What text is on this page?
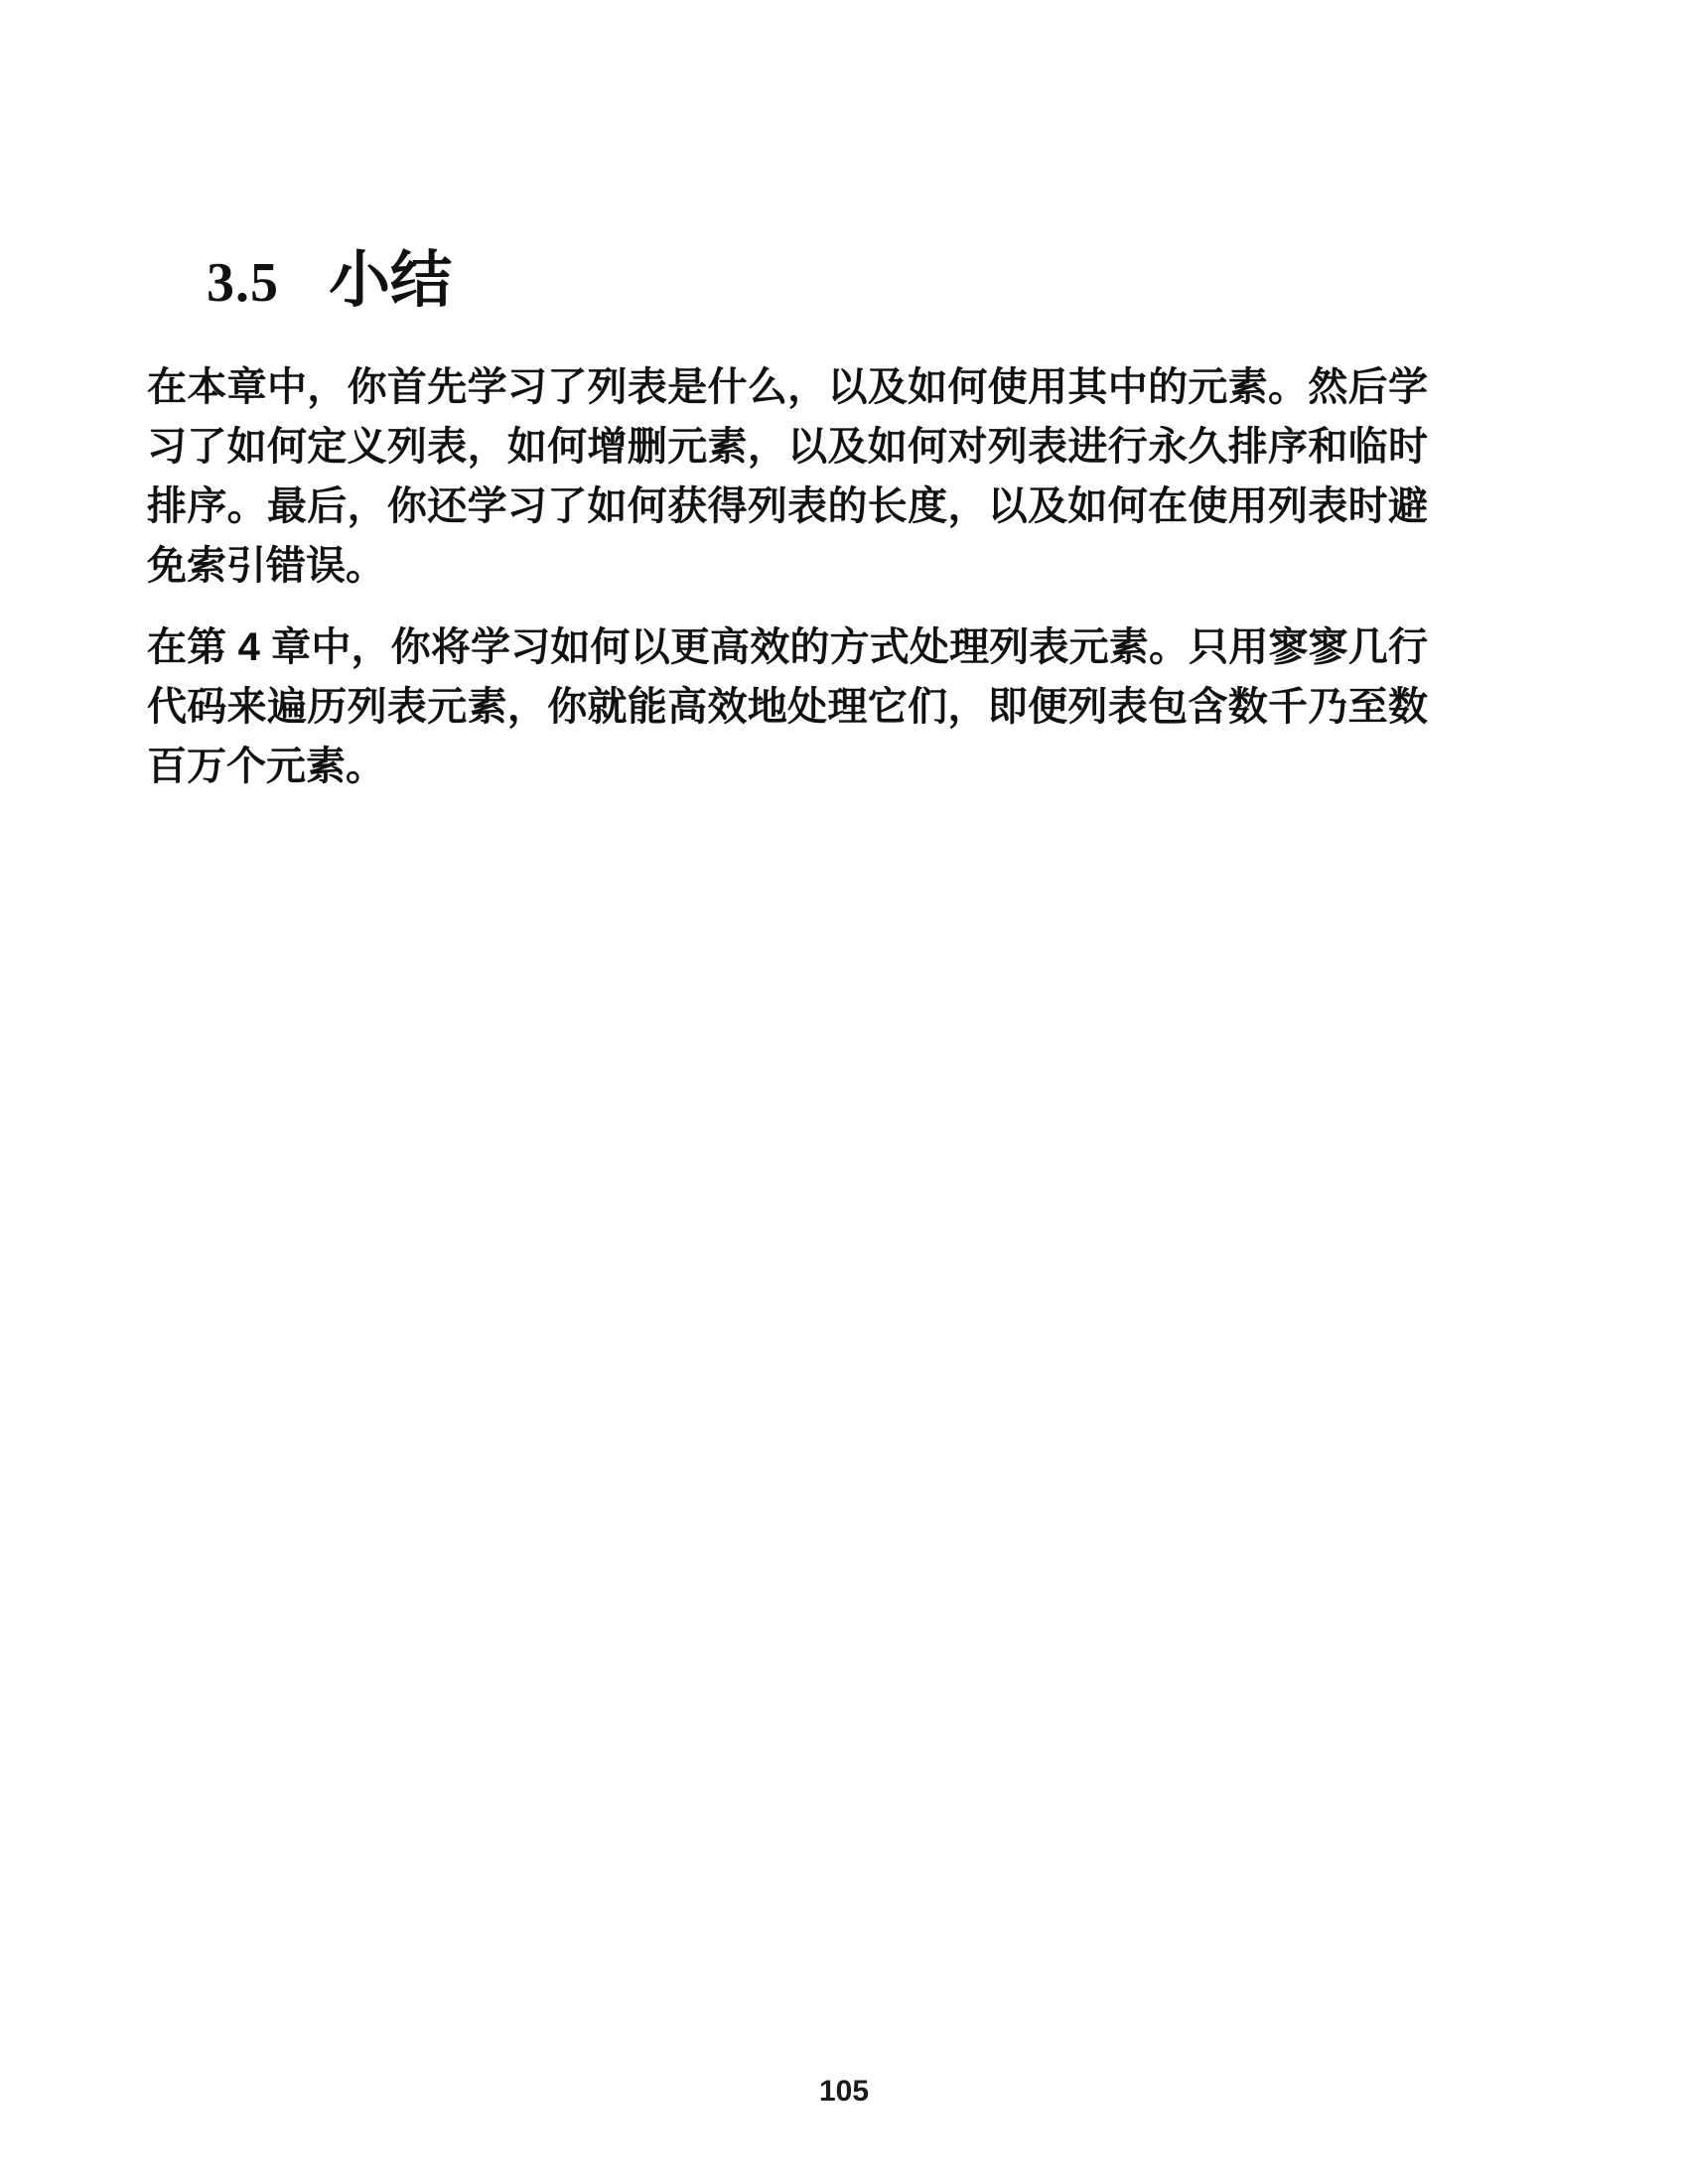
3.5 小结

在本章中，你首先学习了列表是什么，以及如何使用其中的元素。然后学习了如何定义列表，如何增删元素，以及如何对列表进行永久排序和临时排序。最后，你还学习了如何获得列表的长度，以及如何在使用列表时避免索引错误。

在第 4 章中，你将学习如何以更高效的方式处理列表元素。只用寥寥几行代码来遍历列表元素，你就能高效地处理它们，即便列表包含数千乃至数百万个元素。

105
